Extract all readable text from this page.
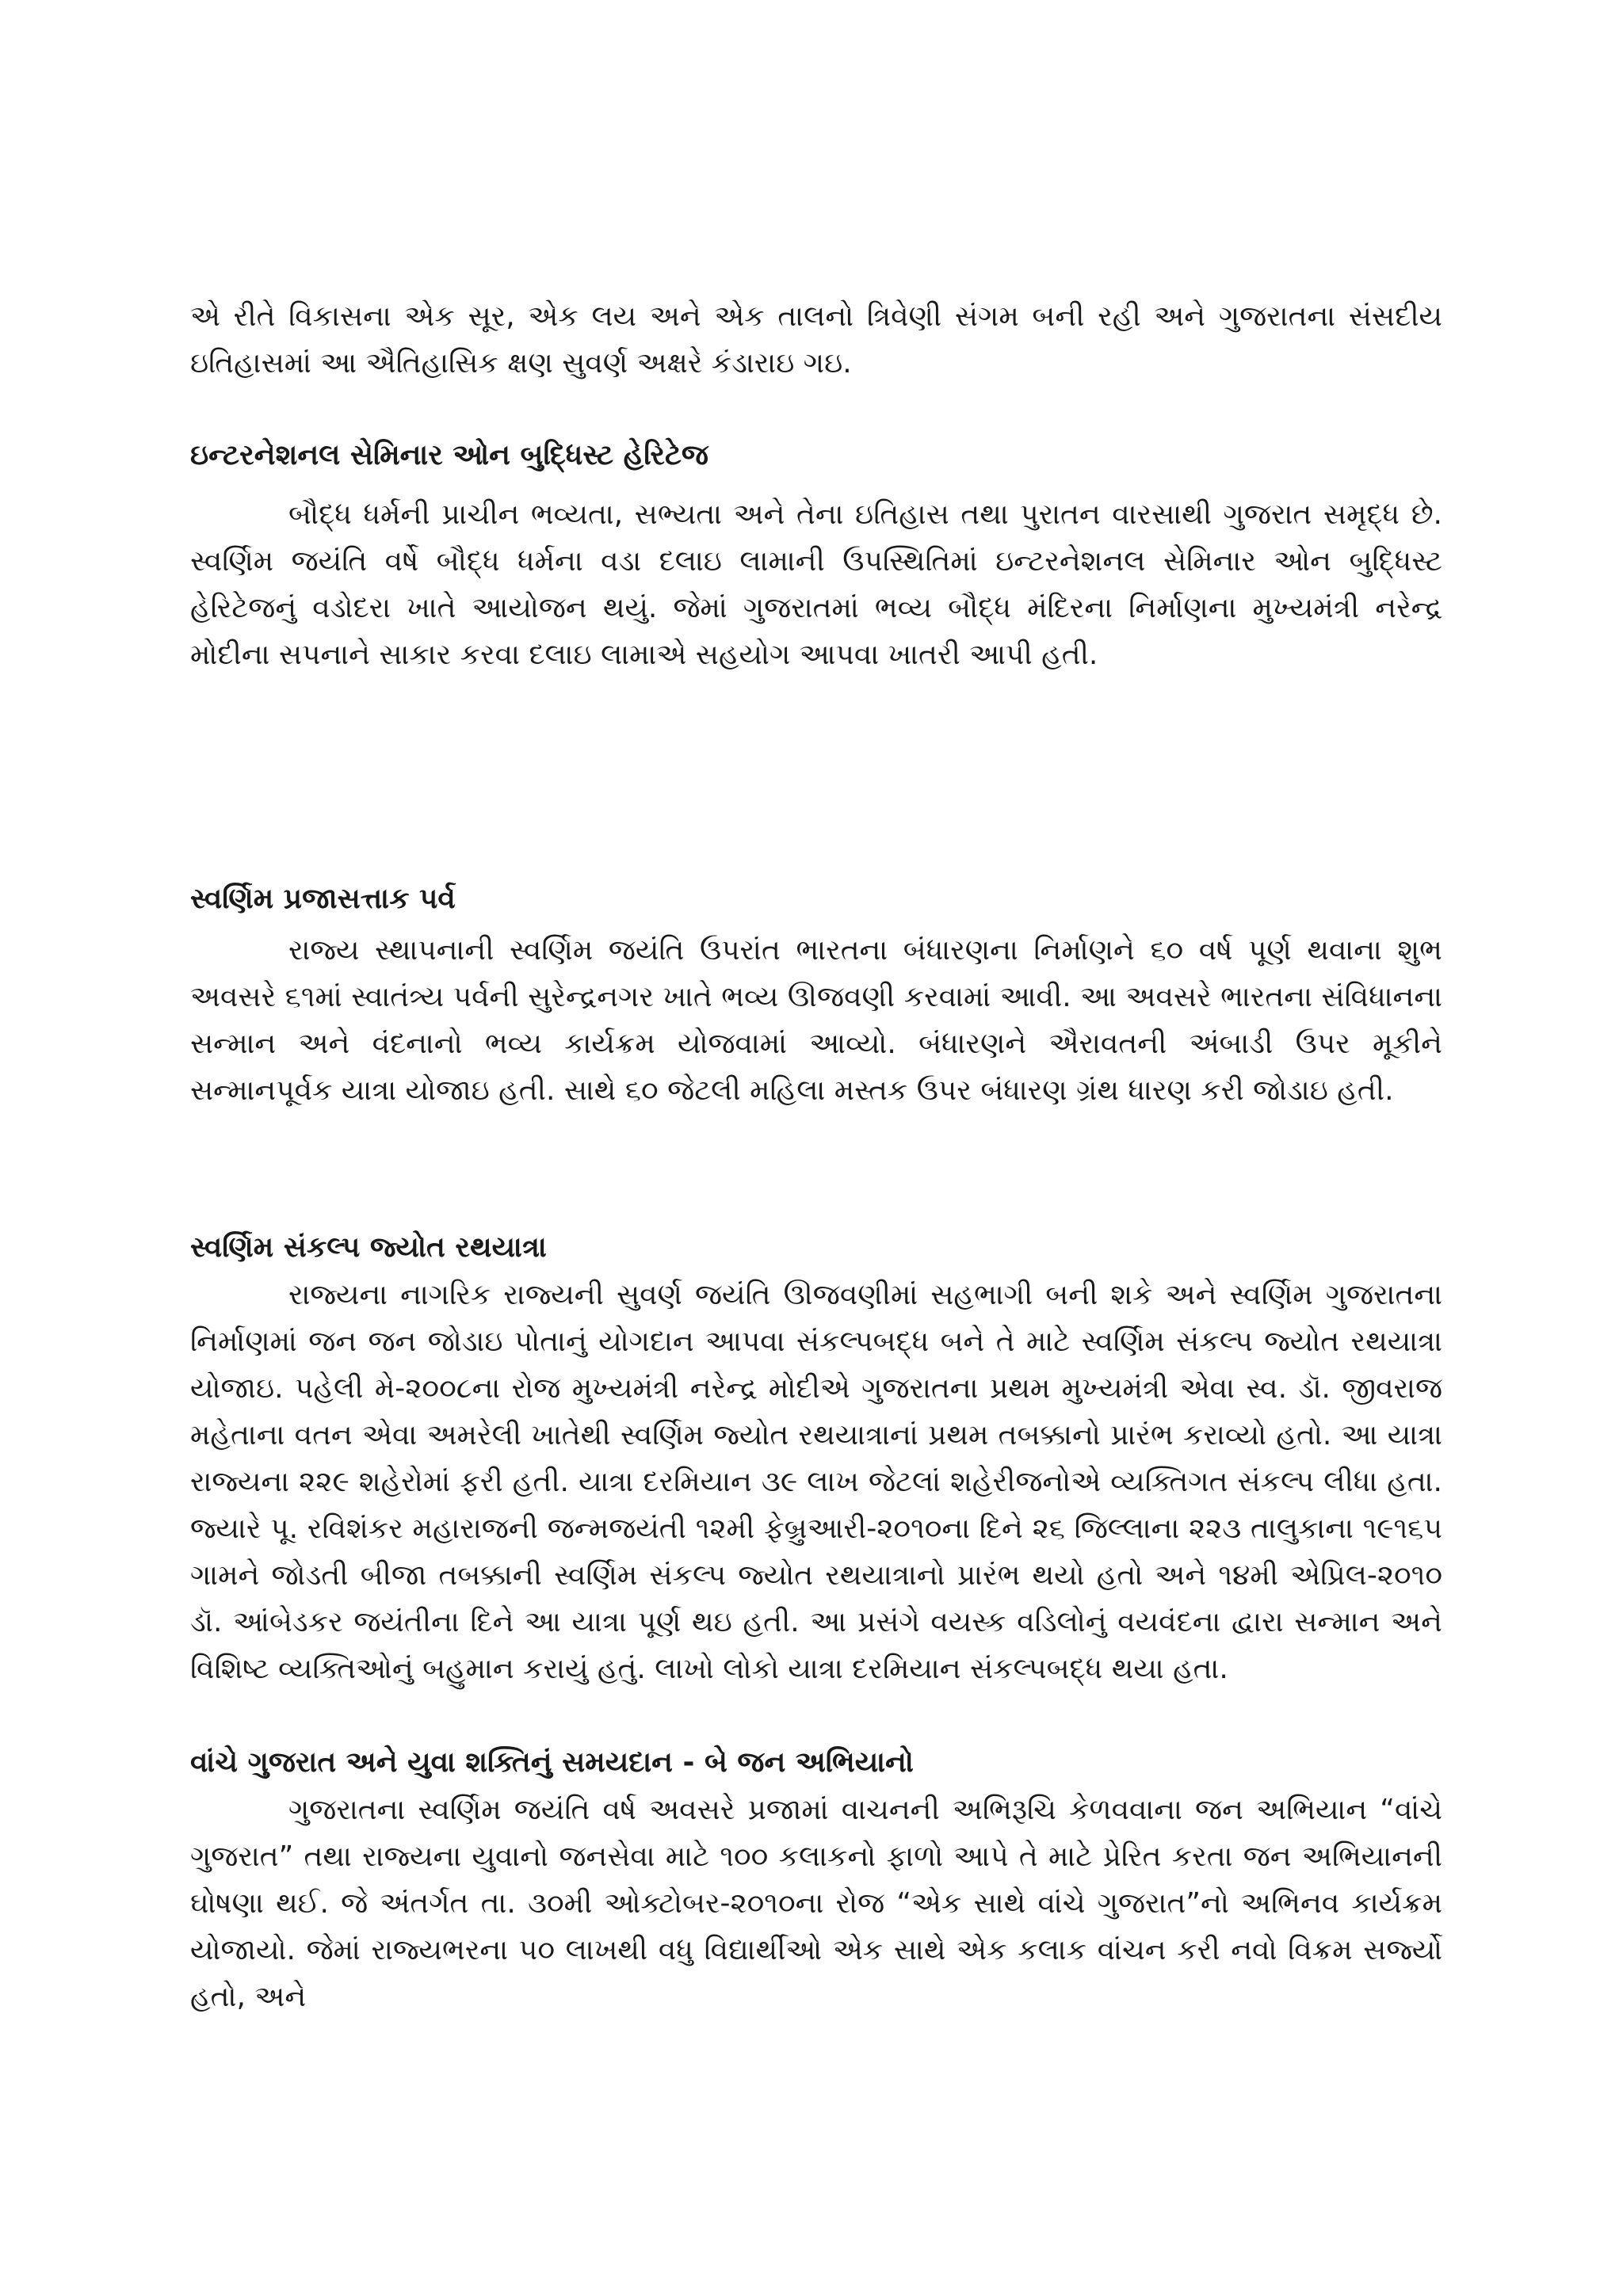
એ રીતે વિકાસના એક સૂર, એક લય અને એક તાલનો ત્રિવેણી સંગમ બની રહી અને ગુજરાતના સંસદીય ઇતિહાસમાં આ ઐતિહાસિક ક્ષણ સુવર્ણ અક્ષરે કંડારાઇ ગઇ.

ઇન્ટરનેશનલ સેમિનાર ઓન બુદ્ધિસ્ટ હેરિટેજ

બૌદ્ધ ધર્મની પ્રાચીન ભવ્યતા, સભ્યતા અને તેના ઇતિહાસ તથા પુરાતન વારસાથી ગુજરાત સમૃદ્ધ છે. સ્વર્ણિમ જયંતિ વર્ષે બૌદ્ધ ધર્મના વડા દલાઇ લામાની ઉપસ્થિતિમાં ઇન્ટરનેશનલ સેમિનાર ઓન બુદ્ધિસ્ટ હેરિટેજનું વડોદરા ખાતે આયોજન થયું. જેમાં ગુજરાતમાં ભવ્ય બૌદ્ધ મંદિરના નિર્માણના મુખ્યમંત્રી નરેન્દ્ર મોદીના સપનાને સાકાર કરવા દલાઇ લામાએ સહયોગ આપવા ખાતરી આપી હતી.

સ્વર્ણિમ પ્રજાસત્તાક પર્વ

રાજ્ય સ્થાપનાની સ્વર્ણિમ જયંતિ ઉપરાંત ભારતના બંધારણના નિર્માણને ૬૦ વર્ષ પૂર્ણ થવાના શુભ અવસરે ૬૧માં સ્વાતંત્ર્ય પર્વની સુરેન્દ્રનગર ખાતે ભવ્ય ઊજવણી કરવામાં આવી. આ અવસરે ભારતના સંવિધાનના સન્માન અને વંદનાનો ભવ્ય કાર્યક્રમ યોજવામાં આવ્યો. બંધારણને ઐરાવતની અંબાડી ઉપર મૂકીને સન્માનપૂર્વક યાત્રા યોજાઇ હતી. સાથે ૬૦ જેટલી મહિલા મસ્તક ઉપર બંધારણ ગ્રંથ ધારણ કરી જોડાઇ હતી.

સ્વર્ણિમ સંકલ્પ જ્યોત રથયાત્રા

રાજ્યના નાગરિક રાજ્યની સુવર્ણ જયંતિ ઊજવણીમાં સહભાગી બની શકે અને સ્વર્ણિમ ગુજરાતના નિર્માણમાં જન જન જોડાઇ પોતાનું યોગદાન આપવા સંકલ્પબદ્ધ બને તે માટે સ્વર્ણિમ સંકલ્પ જ્યોત રથયાત્રા યોજાઇ. પહેલી મે-૨૦૦૮ના રોજ મુખ્યમંત્રી નરેન્દ્ર મોદીએ ગુજરાતના પ્રથમ મુખ્યમંત્રી એવા સ્વ. ડૉ. જીવરાજ મહેતાના વતન એવા અમરેલી ખાતેથી સ્વર્ણિમ જ્યોત રથયાત્રાનાં પ્રથમ તબક્કાનો પ્રારંભ કરાવ્યો હતો. આ યાત્રા રાજ્યના ૨૨૯ શહેરોમાં ફરી હતી. યાત્રા દરમિયાન ૩૯ લાખ જેટલાં શહેરીજનોએ વ્યક્તિગત સંકલ્પ લીધા હતા. જ્યારે પૂ. રવિશંકર મહારાજની જન્મજયંતી ૧૨મી ફેબ્રુઆરી-૨૦૧૦ના દિને ૨૬ જિલ્લાના ૨૨૩ તાલુકાના ૧૯૧૬૫ ગામને જોડતી બીજા તબક્કાની સ્વર્ણિમ સંકલ્પ જ્યોત રથયાત્રાનો પ્રારંભ થયો હતો અને ૧૪મી એપ્રિલ-૨૦૧૦ ડૉ. આંબેડકર જયંતીના દિને આ યાત્રા પૂર્ણ થઇ હતી. આ પ્રસંગે વયસ્ક વડિલોનું વયવંદના દ્વારા સન્માન અને વિશિષ્ટ વ્યક્તિઓનું બહુમાન કરાયું હતું. લાખો લોકો યાત્રા દરમિયાન સંકલ્પબદ્ધ થયા હતા.

વાંચે ગુજરાત અને યુવા શક્તિનું સમયદાન - બે જન અભિયાનો

ગુજરાતના સ્વર્ણિમ જયંતિ વર્ષ અવસરે પ્રજામાં વાચનની અભિરૂચિ કેળવવાના જન અભિયાન “વાંચે ગુજરાત” તથા રાજ્યના યુવાનો જનસેવા માટે ૧૦૦ કલાકનો ફાળો આપે તે માટે પ્રેરિત કરતા જન અભિયાનની ઘોષણા થઈ. જે અંતર્ગત તા. ૩૦મી ઓક્ટોબર-૨૦૧૦ના રોજ “એક સાથે વાંચે ગુજરાત”નો અભિનવ કાર્યક્રમ યોજાયો. જેમાં રાજ્યભરના ૫૦ લાખથી વધુ વિદ્યાર્થીઓ એક સાથે એક કલાક વાંચન કરી નવો વિક્રમ સર્જ્યો હતો, અને
